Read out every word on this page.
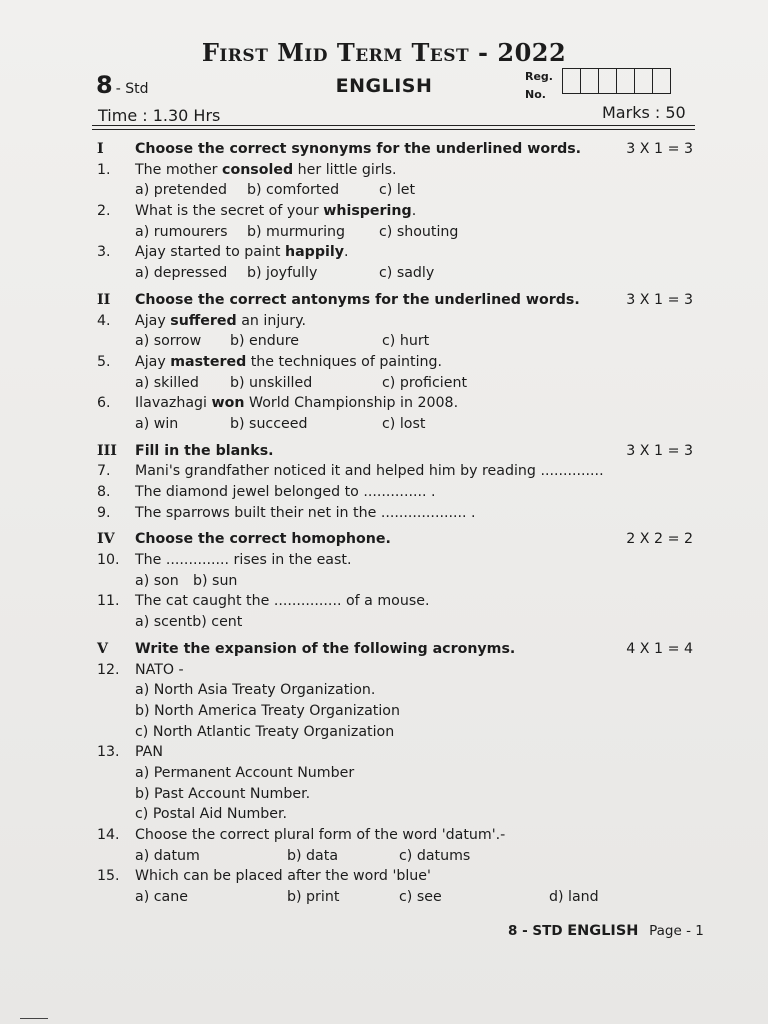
First Mid Term Test - 2022
8 - Std	ENGLISH	Reg.
No.
Time : 1.30 Hrs	Marks : 50
I	Choose the correct synonyms for the underlined words.	3 X 1 = 3
1.	The mother consoled her little girls.
a) pretended	b) comforted	c) let
2.	What is the secret of your whispering.
a) rumourers	b) murmuring	c) shouting
3.	Ajay started to paint happily.
a) depressed	b) joyfully	c) sadly
II	Choose the correct antonyms for the underlined words.	3 X 1 = 3
4.	Ajay suffered an injury.
a) sorrow	b) endure	c) hurt
5.	Ajay mastered the techniques of painting.
a) skilled	b) unskilled	c) proficient
6.	Ilavazhagi won World Championship in 2008.
a) win	b) succeed	c) lost
III	Fill in the blanks.	3 X 1 = 3
7.	Mani's grandfather noticed it and helped him by reading ..............
8.	The diamond jewel belonged to .............. .
9.	The sparrows built their net in the ................... .
IV	Choose the correct homophone.	2 X 2 = 2
10.	The .............. rises in the east.
a) son b) sun
11.	The cat caught the ............... of a mouse.
a) scent b) cent
V	Write the expansion of the following acronyms.	4 X 1 = 4
12.	NATO -
a) North Asia Treaty Organization.
b) North America Treaty Organization
c) North Atlantic Treaty Organization
13.	PAN
a) Permanent Account Number
b) Past Account Number.
c) Postal Aid Number.
14.	Choose the correct plural form of the word 'datum'.-
a) datum	b) data	c) datums
15.	Which can be placed after the word 'blue'
a) cane	b) print	c) see	d) land
8 - STD ENGLISH Page - 1
